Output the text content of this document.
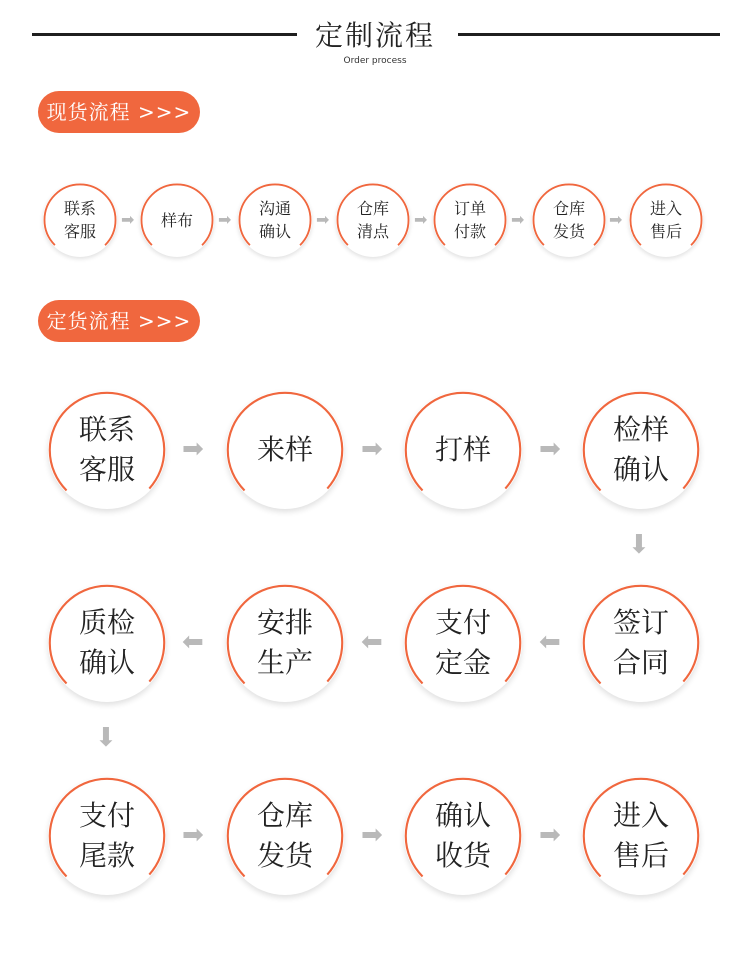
定制流程
Order process
现货流程 >>>
定货流程 >>>
联系
客服
➡ 样布 ➡
沟通
确认
➡
仓库
清点
➡
订单
付款
➡
仓库
发货
➡
进入
售后
联系
客服
➡ 来样 ➡ 打样 ➡
检样
确认
⬇
质检
确认
⬅
安排
生产
⬅
支付
定金
⬅
签订
合同
⬇
支付
尾款
➡
仓库
发货
➡
确认
收货
➡
进入
售后
